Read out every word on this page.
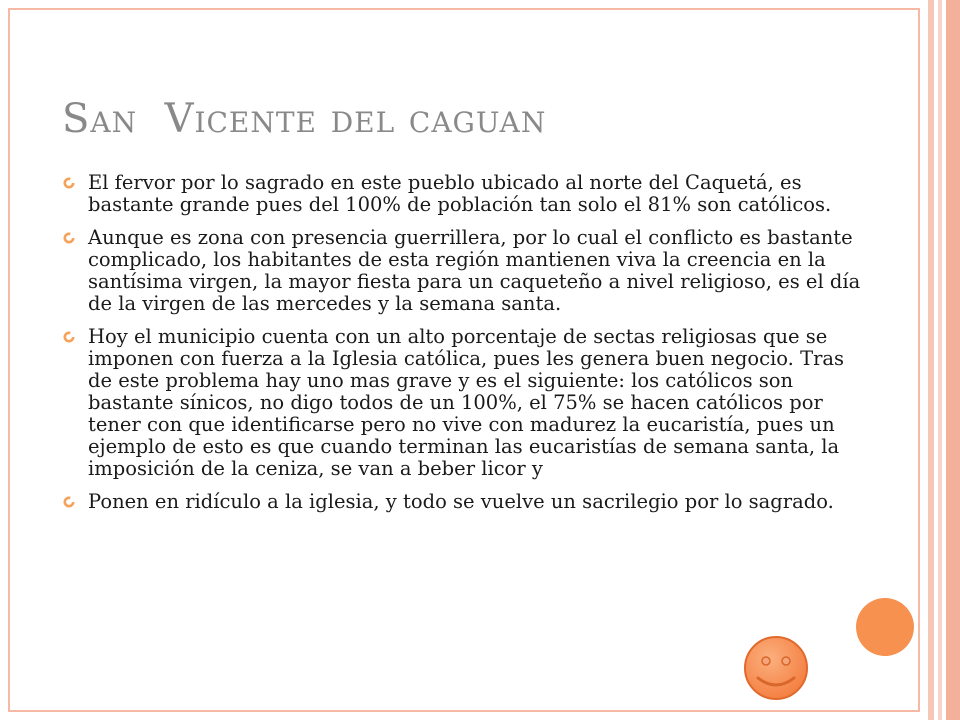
San Vicente del caguan
El fervor por lo sagrado en este pueblo ubicado al norte del Caquetá, es bastante grande pues del 100% de población tan solo el 81% son católicos.
Aunque es zona con presencia guerrillera, por lo cual el conflicto es bastante complicado, los habitantes de esta región mantienen viva la creencia en la santísima virgen, la mayor fiesta para un caqueteño a nivel religioso, es el día de la virgen de las mercedes y la semana santa.
Hoy el municipio cuenta con un alto porcentaje de sectas religiosas que se imponen con fuerza a la Iglesia católica, pues les genera buen negocio. Tras de este problema hay uno mas grave y es el siguiente: los católicos son bastante sínicos, no digo todos de un 100%, el 75% se hacen católicos por tener con que identificarse pero no vive con madurez la eucaristía, pues un ejemplo de esto es que cuando terminan las eucaristías de semana santa, la imposición de la ceniza, se van a beber licor y
Ponen en ridículo a la iglesia, y todo se vuelve un sacrilegio por lo sagrado.
